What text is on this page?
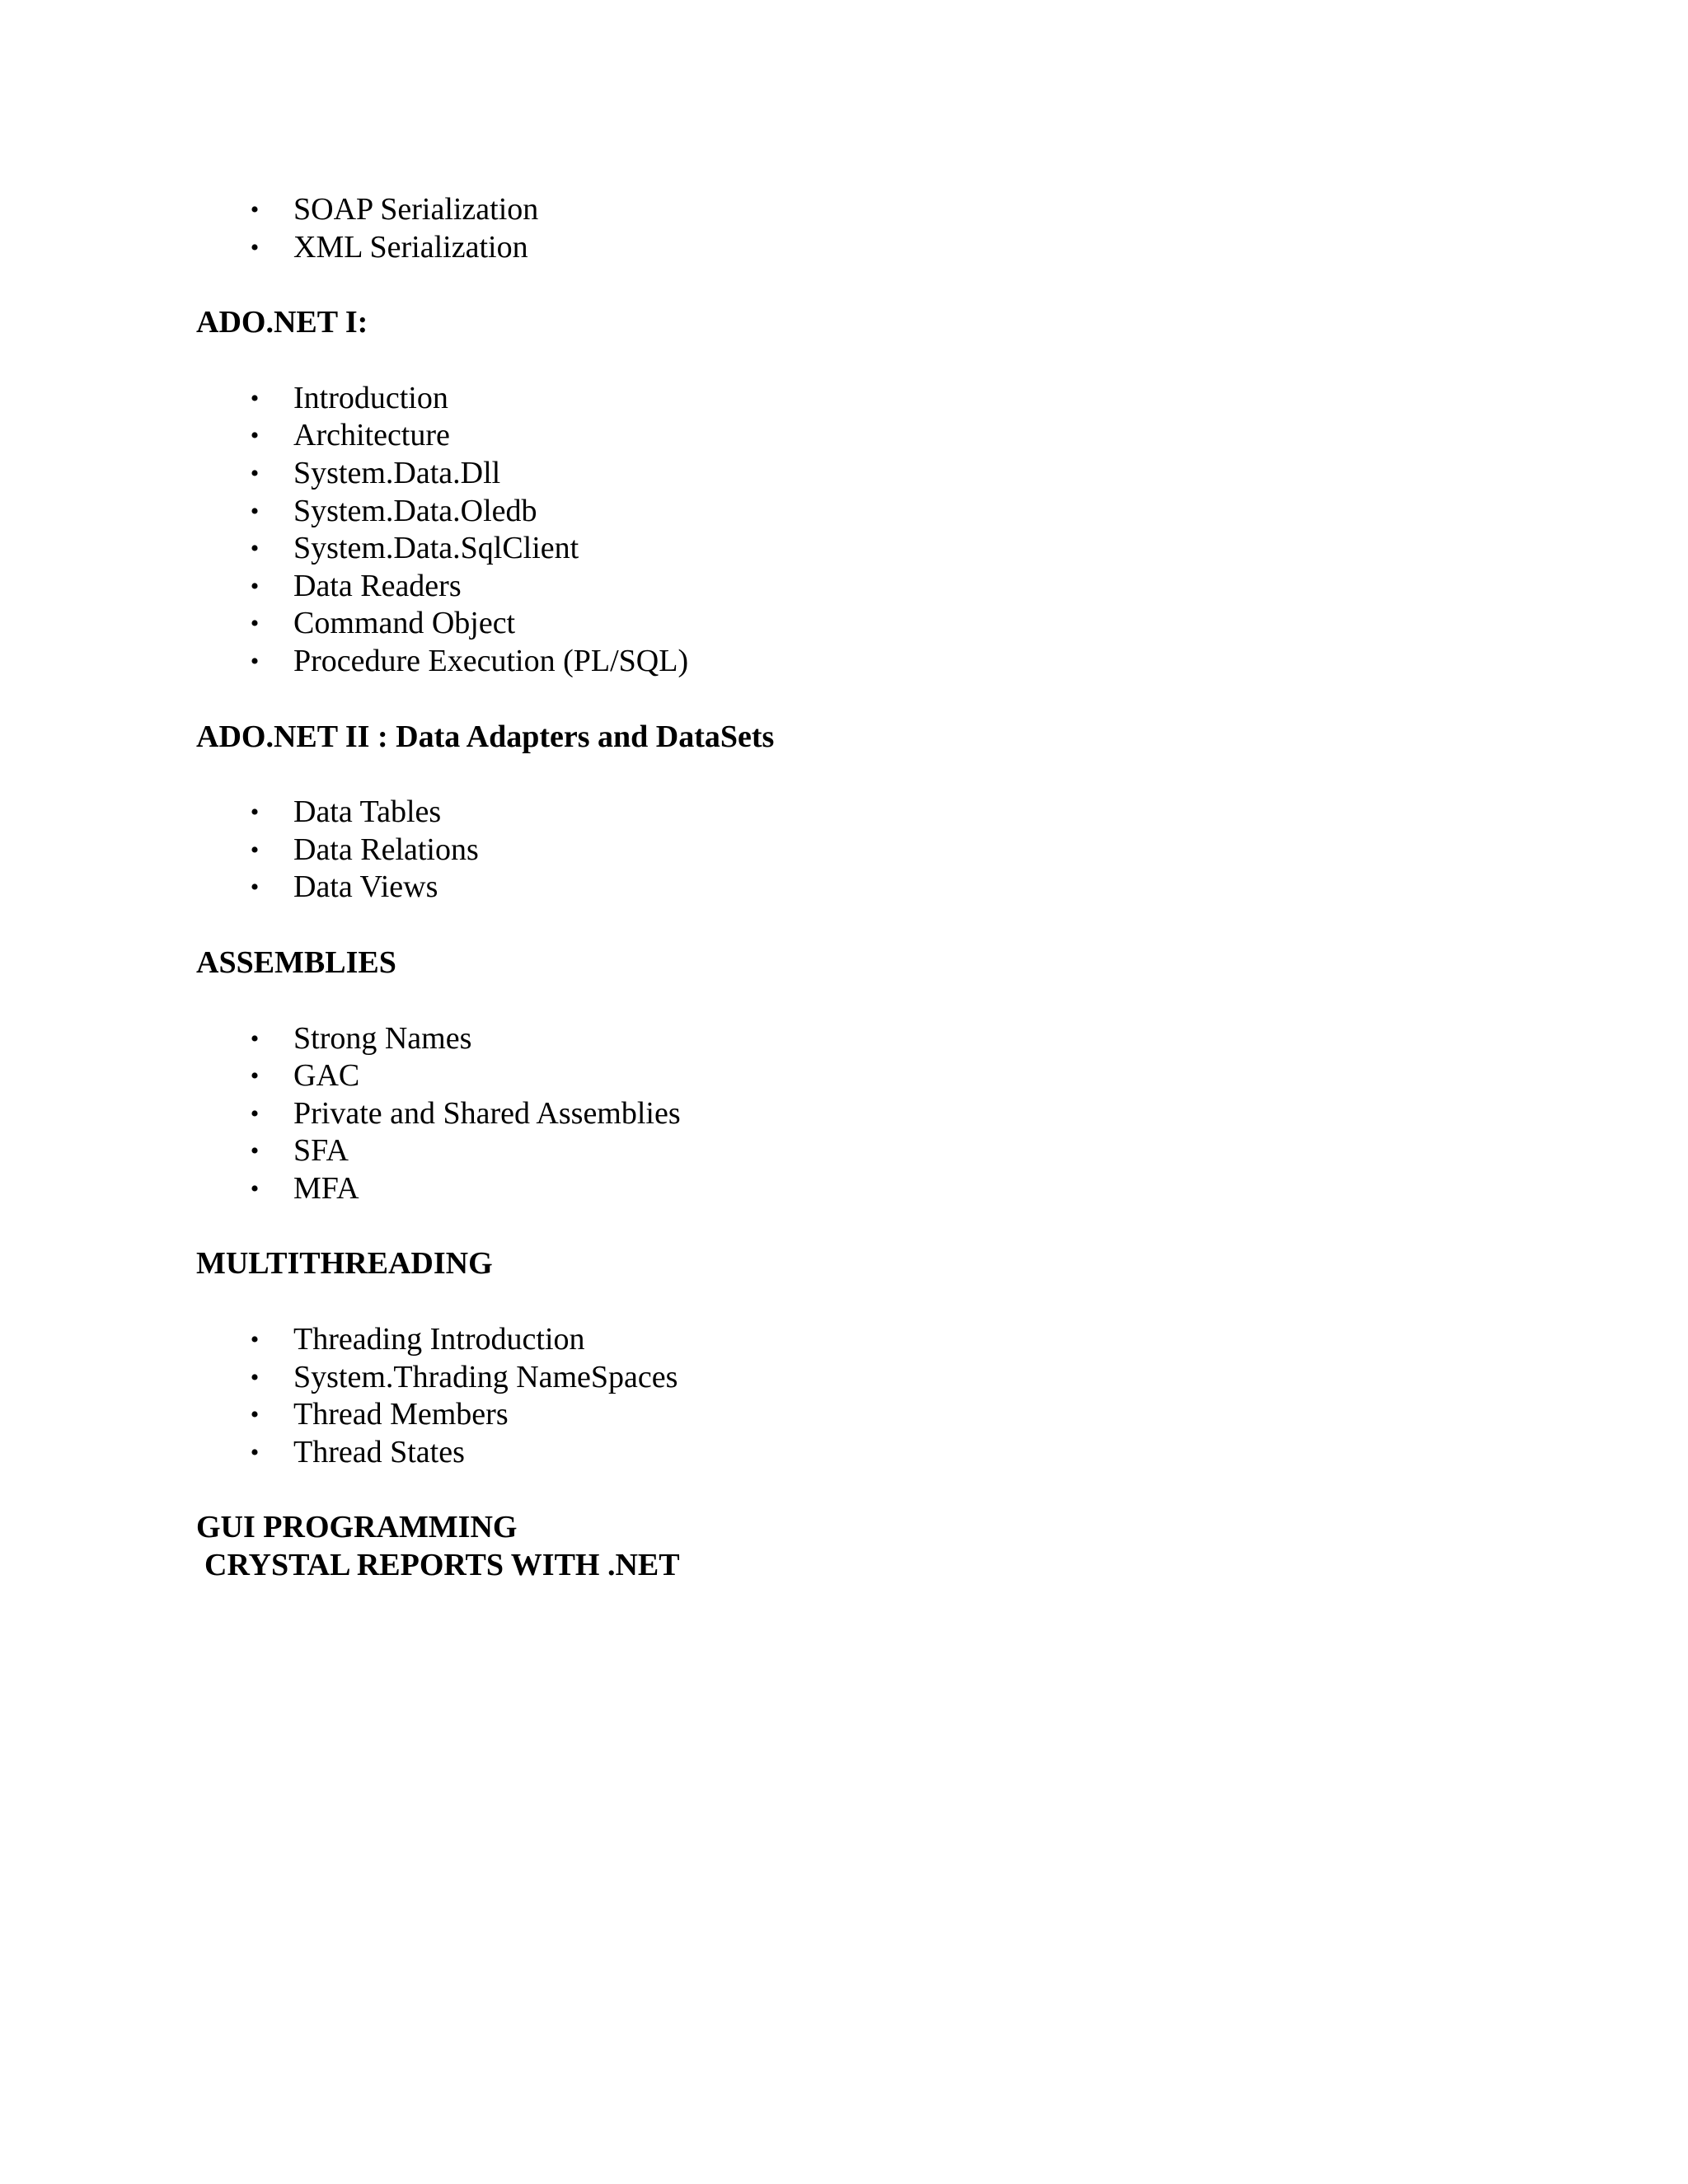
• SOAP Serialization
• XML Serialization
ADO.NET I:
• Introduction
• Architecture
• System.Data.Dll
• System.Data.Oledb
• System.Data.SqlClient
• Data Readers
• Command Object
• Procedure Execution (PL/SQL)
ADO.NET II : Data Adapters and DataSets
• Data Tables
• Data Relations
• Data Views
ASSEMBLIES
• Strong Names
• GAC
• Private and Shared Assemblies
• SFA
• MFA
MULTITHREADING
• Threading Introduction
• System.Thrading NameSpaces
• Thread Members
• Thread States
GUI PROGRAMMING
CRYSTAL REPORTS WITH .NET
